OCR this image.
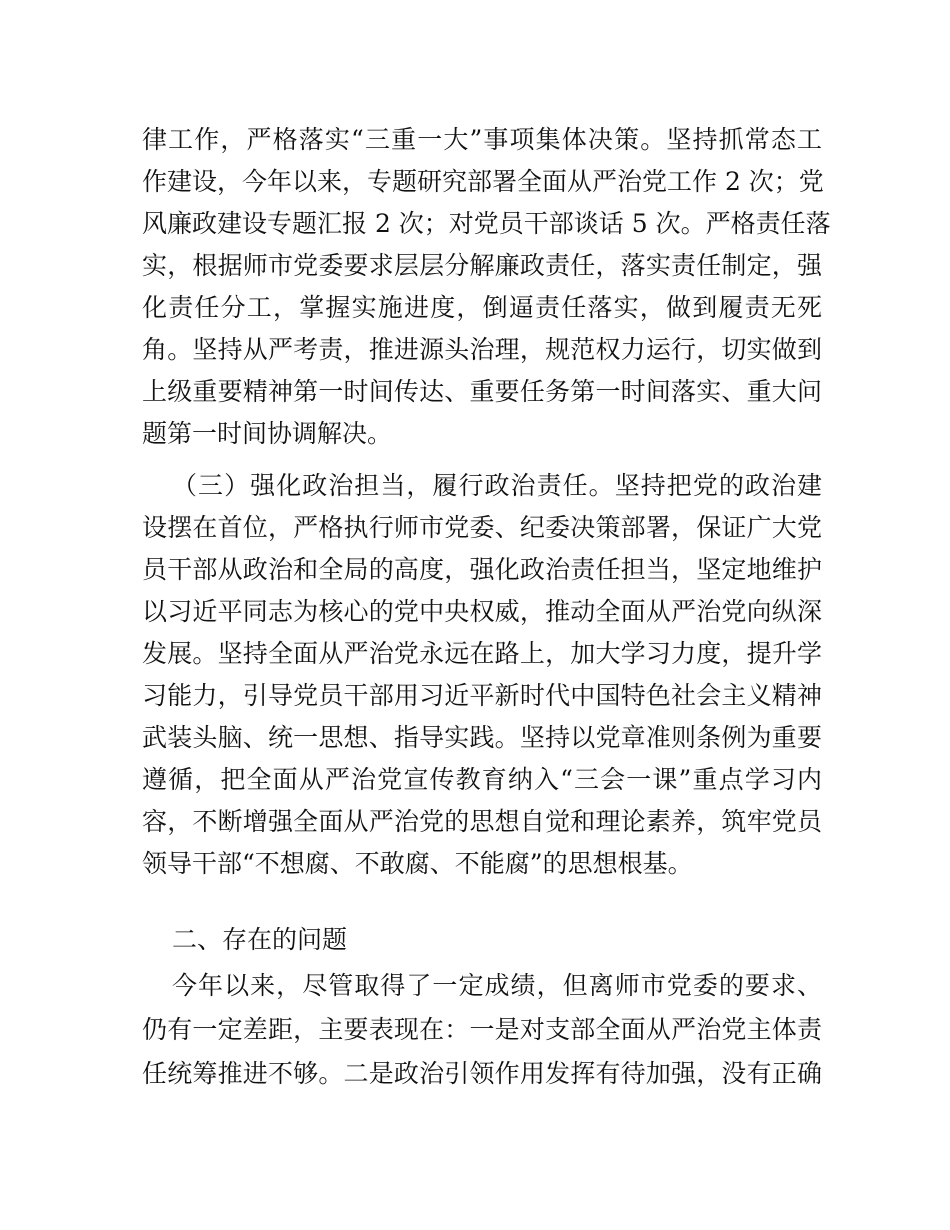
律工作，严格落实“三重一大”事项集体决策。坚持抓常态工
作建设，今年以来，专题研究部署全面从严治党工作 2 次；党
风廉政建设专题汇报 2 次；对党员干部谈话 5 次。严格责任落
实，根据师市党委要求层层分解廉政责任，落实责任制定，强
化责任分工，掌握实施进度，倒逼责任落实，做到履责无死
角。坚持从严考责，推进源头治理，规范权力运行，切实做到
上级重要精神第一时间传达、重要任务第一时间落实、重大问
题第一时间协调解决。
（三）强化政治担当，履行政治责任。坚持把党的政治建
设摆在首位，严格执行师市党委、纪委决策部署，保证广大党
员干部从政治和全局的高度，强化政治责任担当，坚定地维护
以习近平同志为核心的党中央权威，推动全面从严治党向纵深
发展。坚持全面从严治党永远在路上，加大学习力度，提升学
习能力，引导党员干部用习近平新时代中国特色社会主义精神
武装头脑、统一思想、指导实践。坚持以党章准则条例为重要
遵循，把全面从严治党宣传教育纳入“三会一课”重点学习内
容，不断增强全面从严治党的思想自觉和理论素养，筑牢党员
领导干部“不想腐、不敢腐、不能腐”的思想根基。
二、存在的问题
今年以来，尽管取得了一定成绩，但离师市党委的要求、
仍有一定差距，主要表现在：一是对支部全面从严治党主体责
任统筹推进不够。二是政治引领作用发挥有待加强，没有正确
